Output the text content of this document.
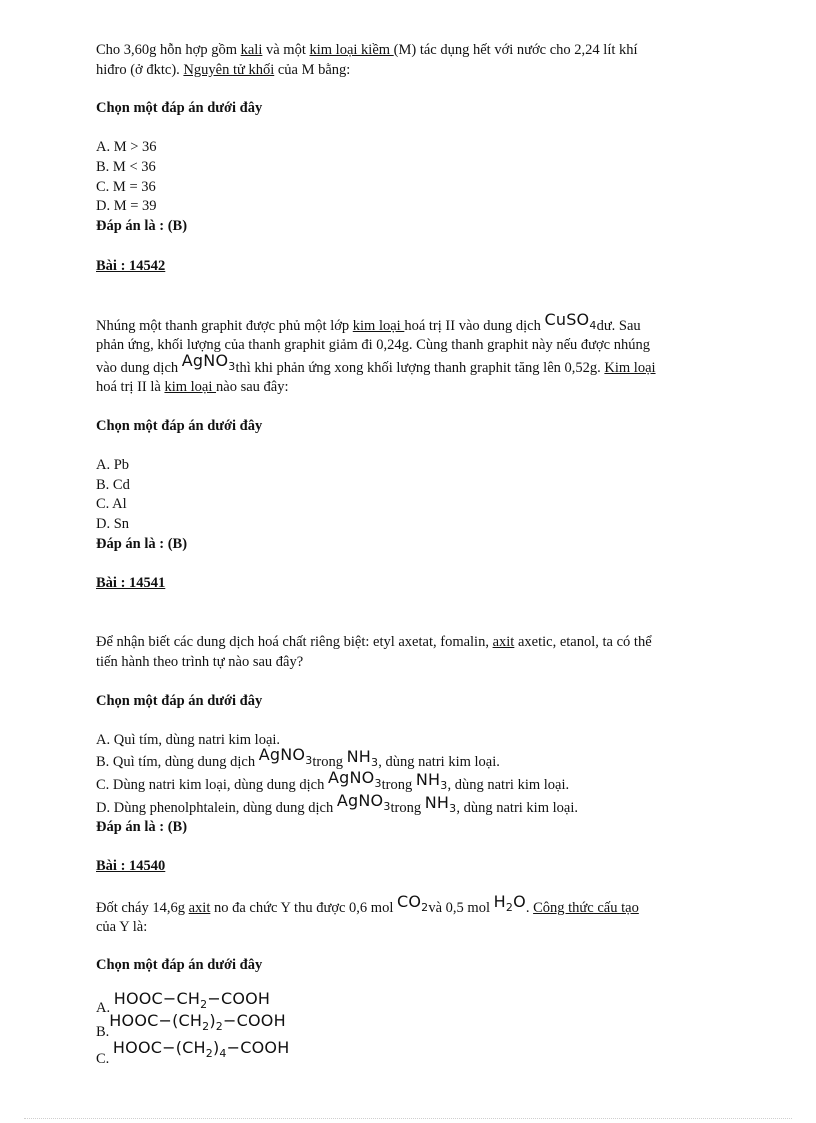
Cho 3,60g hỗn hợp gồm kali và một kim loại kiềm (M) tác dụng hết với nước cho 2,24 lít khí
hiđro (ở đktc). Nguyên tử khối của M bằng:
Chọn một đáp án dưới đây
A. M > 36
B. M < 36
C. M = 36
D. M = 39
Đáp án là : (B)
Bài : 14542
Nhúng một thanh graphit được phủ một lớp kim loại hoá trị II vào dung dịch CuSO$_4$dư. Sau
phản ứng, khối lượng của thanh graphit giảm đi 0,24g. Cùng thanh graphit này nếu được nhúng
vào dung dịch AgNO$_3$thì khi phản ứng xong khối lượng thanh graphit tăng lên 0,52g. Kim loại
hoá trị II là kim loại nào sau đây:
Chọn một đáp án dưới đây
A. Pb
B. Cd
C. Al
D. Sn
Đáp án là : (B)
Bài : 14541
Để nhận biết các dung dịch hoá chất riêng biệt: etyl axetat, fomalin, axit axetic, etanol, ta có thể
tiến hành theo trình tự nào sau đây?
Chọn một đáp án dưới đây
A. Quì tím, dùng natri kim loại.
B. Quì tím, dùng dung dịch AgNO$_3$trong $NH_3$, dùng natri kim loại.
C. Dùng natri kim loại, dùng dung dịch AgNO$_3$trong $NH_3$, dùng natri kim loại.
D. Dùng phenolphtalein, dùng dung dịch AgNO$_3$trong $NH_3$, dùng natri kim loại.
Đáp án là : (B)
Bài : 14540
Đốt cháy 14,6g axit no đa chức Y thu được 0,6 mol $CO_2và$ 0,5 mol $H_2O$. Công thức cấu tạo
của Y là:
Chọn một đáp án dưới đây
A. $HOOC-CH_2-COOH$
$B.HOOC-(CH_2)_2-COOH$
C. $HOOC-(CH_2)_4-COOH$
